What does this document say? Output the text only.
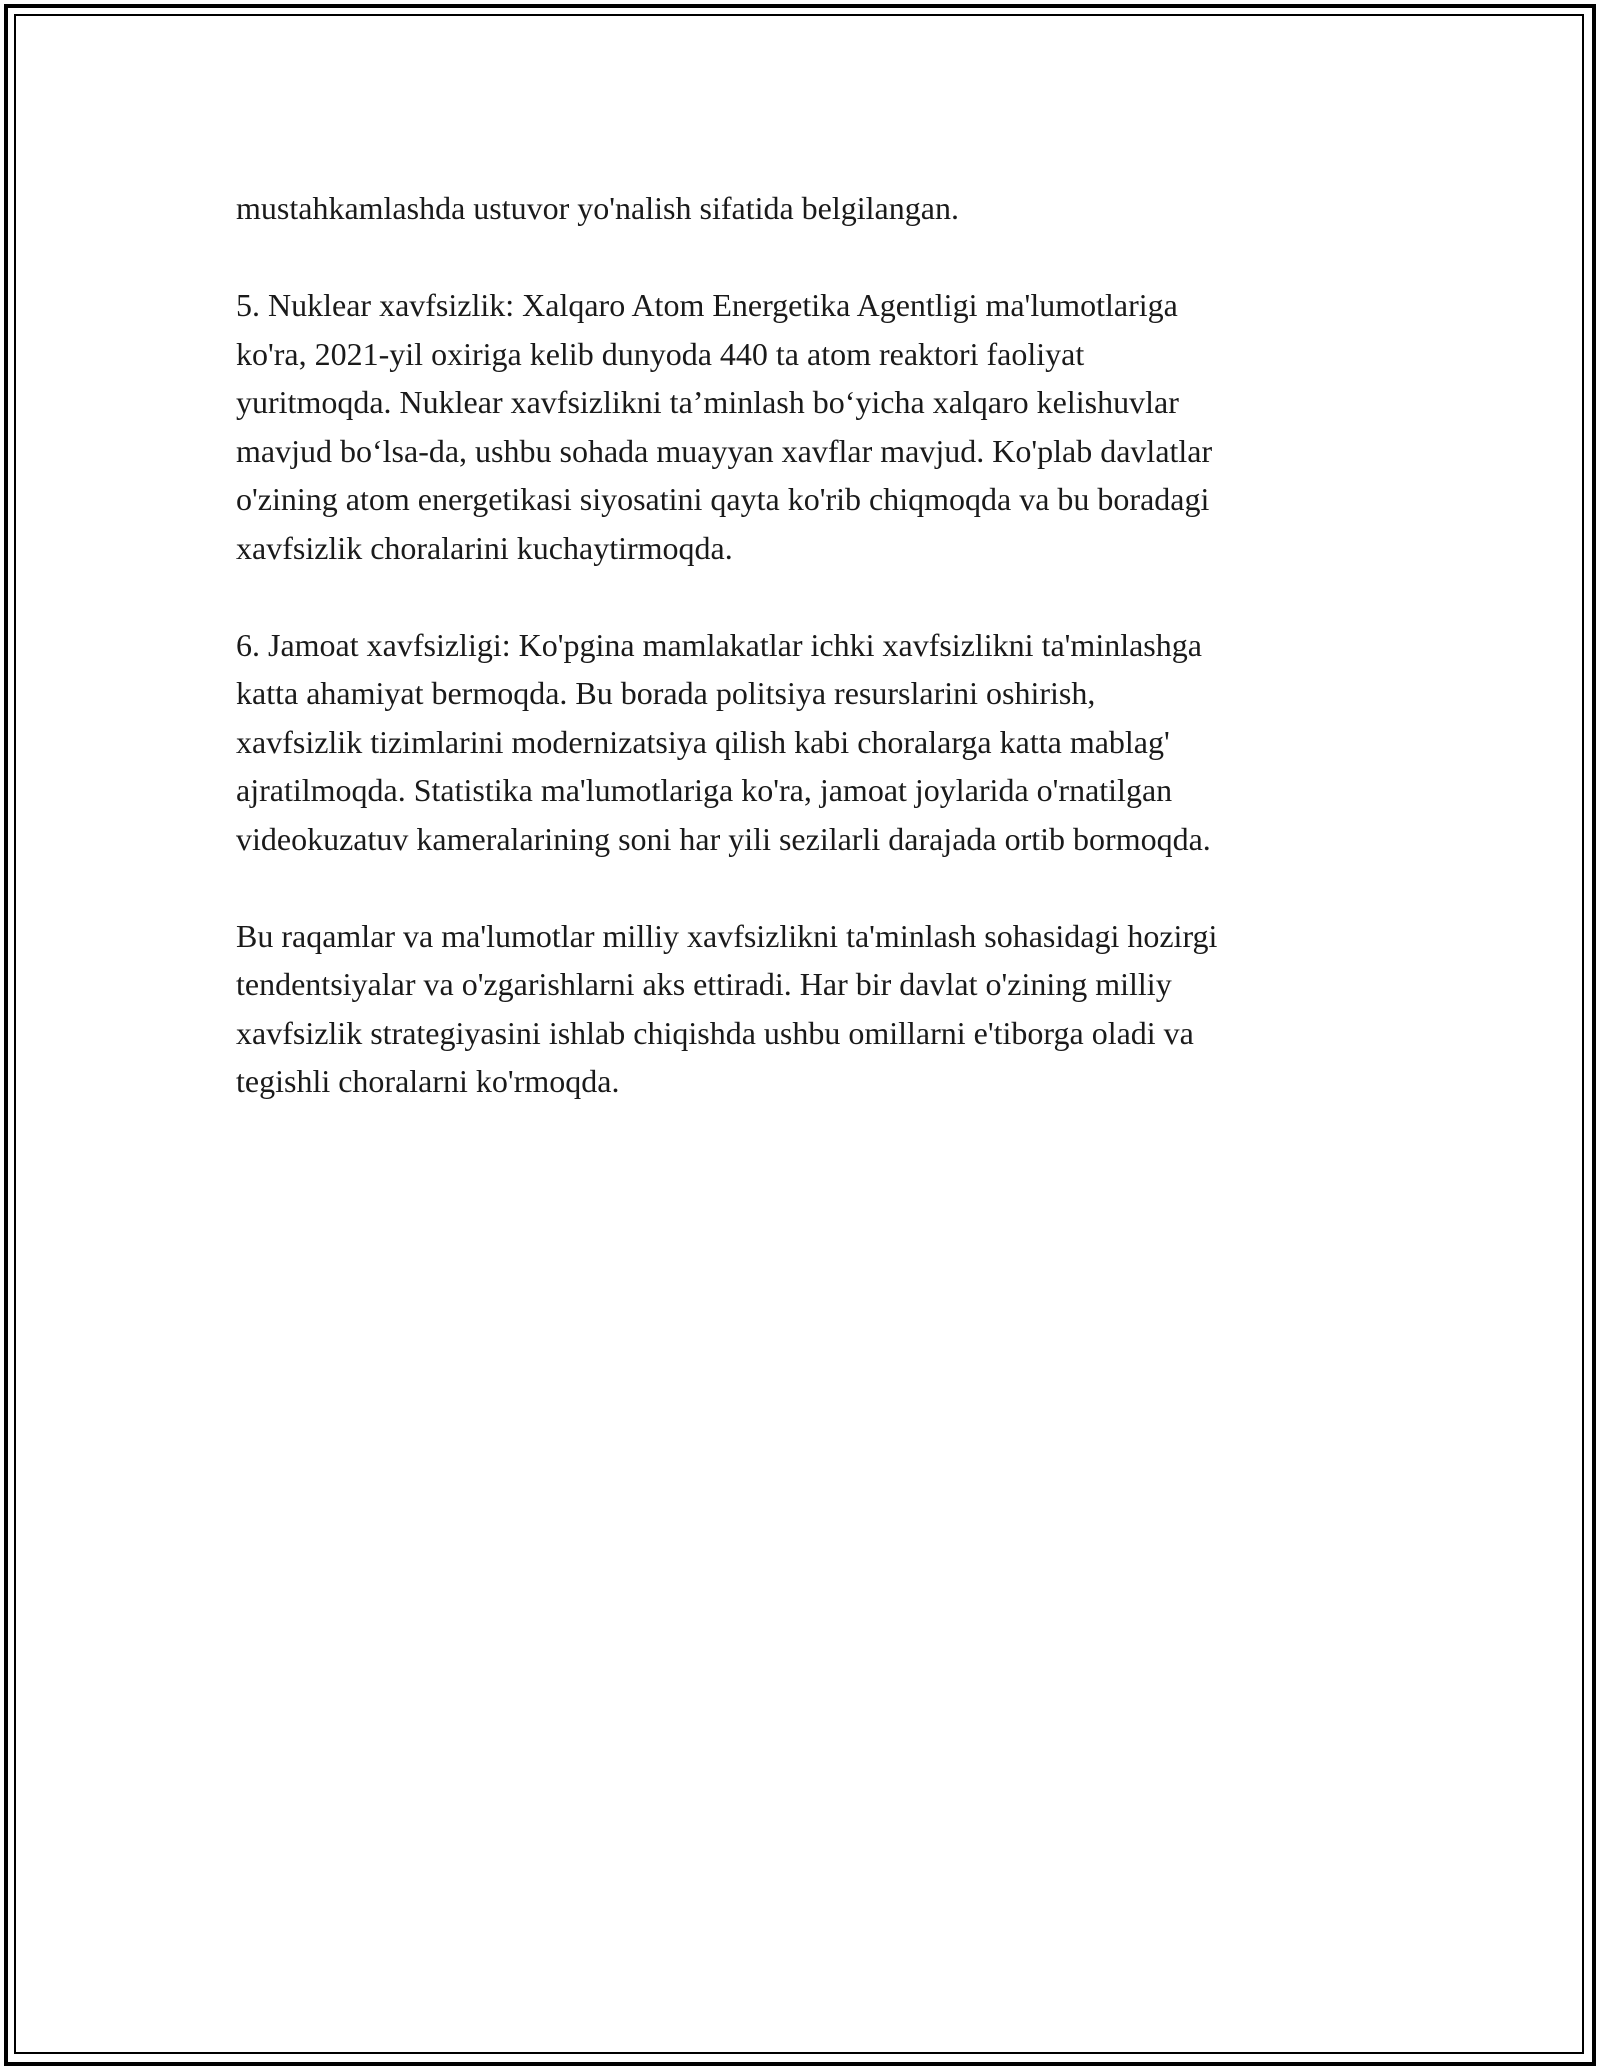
mustahkamlashda ustuvor yo'nalish sifatida belgilangan.

5. Nuklear xavfsizlik: Xalqaro Atom Energetika Agentligi ma'lumotlariga
ko'ra, 2021-yil oxiriga kelib dunyoda 440 ta atom reaktori faoliyat
yuritmoqda. Nuklear xavfsizlikni ta’minlash bo‘yicha xalqaro kelishuvlar
mavjud bo‘lsa-da, ushbu sohada muayyan xavflar mavjud. Ko'plab davlatlar
o'zining atom energetikasi siyosatini qayta ko'rib chiqmoqda va bu boradagi
xavfsizlik choralarini kuchaytirmoqda.

6. Jamoat xavfsizligi: Ko'pgina mamlakatlar ichki xavfsizlikni ta'minlashga
katta ahamiyat bermoqda. Bu borada politsiya resurslarini oshirish,
xavfsizlik tizimlarini modernizatsiya qilish kabi choralarga katta mablag'
ajratilmoqda. Statistika ma'lumotlariga ko'ra, jamoat joylarida o'rnatilgan
videokuzatuv kameralarining soni har yili sezilarli darajada ortib bormoqda.

Bu raqamlar va ma'lumotlar milliy xavfsizlikni ta'minlash sohasidagi hozirgi
tendentsiyalar va o'zgarishlarni aks ettiradi. Har bir davlat o'zining milliy
xavfsizlik strategiyasini ishlab chiqishda ushbu omillarni e'tiborga oladi va
tegishli choralarni ko'rmoqda.
